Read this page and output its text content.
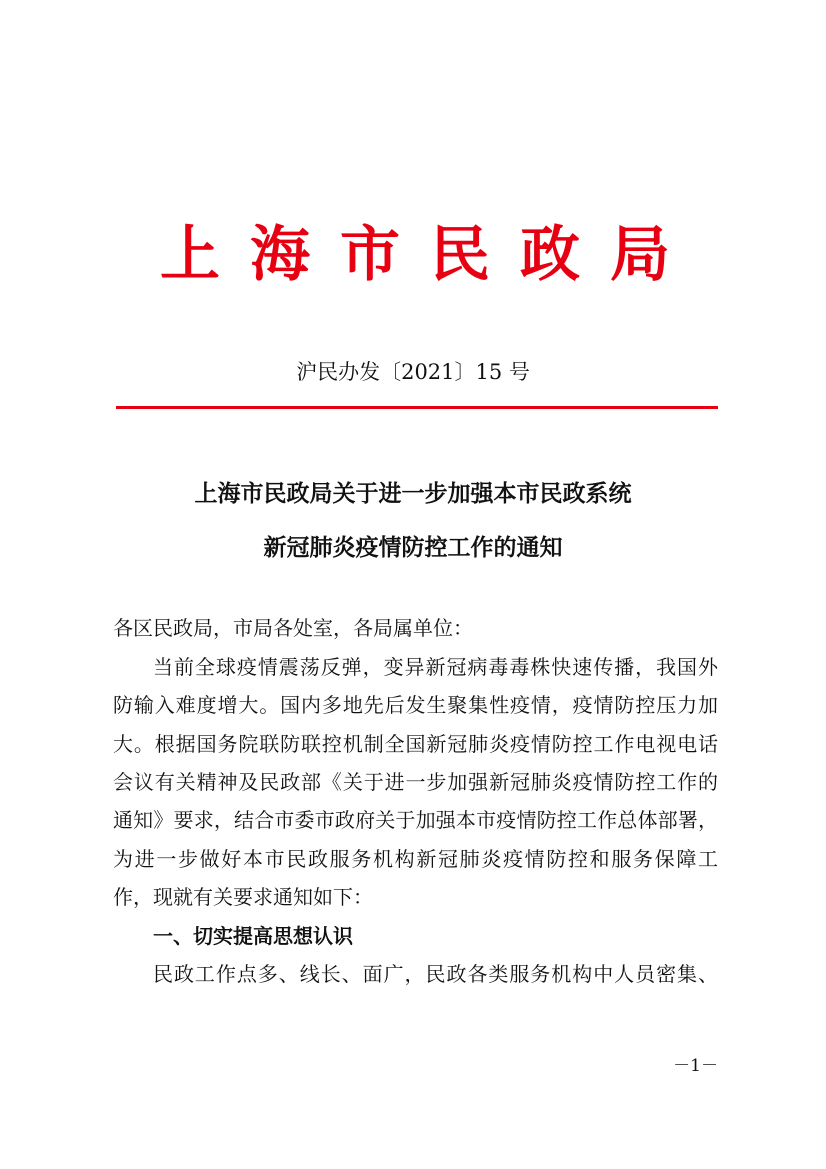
上 海 市 民 政 局
沪民办发〔2021〕15 号
上海市民政局关于进一步加强本市民政系统
新冠肺炎疫情防控工作的通知
各区民政局，市局各处室，各局属单位：
当前全球疫情震荡反弹，变异新冠病毒毒株快速传播，我国外
防输入难度增大。国内多地先后发生聚集性疫情，疫情防控压力加
大。根据国务院联防联控机制全国新冠肺炎疫情防控工作电视电话
会议有关精神及民政部《关于进一步加强新冠肺炎疫情防控工作的
通知》要求，结合市委市政府关于加强本市疫情防控工作总体部署，
为进一步做好本市民政服务机构新冠肺炎疫情防控和服务保障工
作，现就有关要求通知如下：
一、切实提高思想认识
民政工作点多、线长、面广，民政各类服务机构中人员密集、
－1－
